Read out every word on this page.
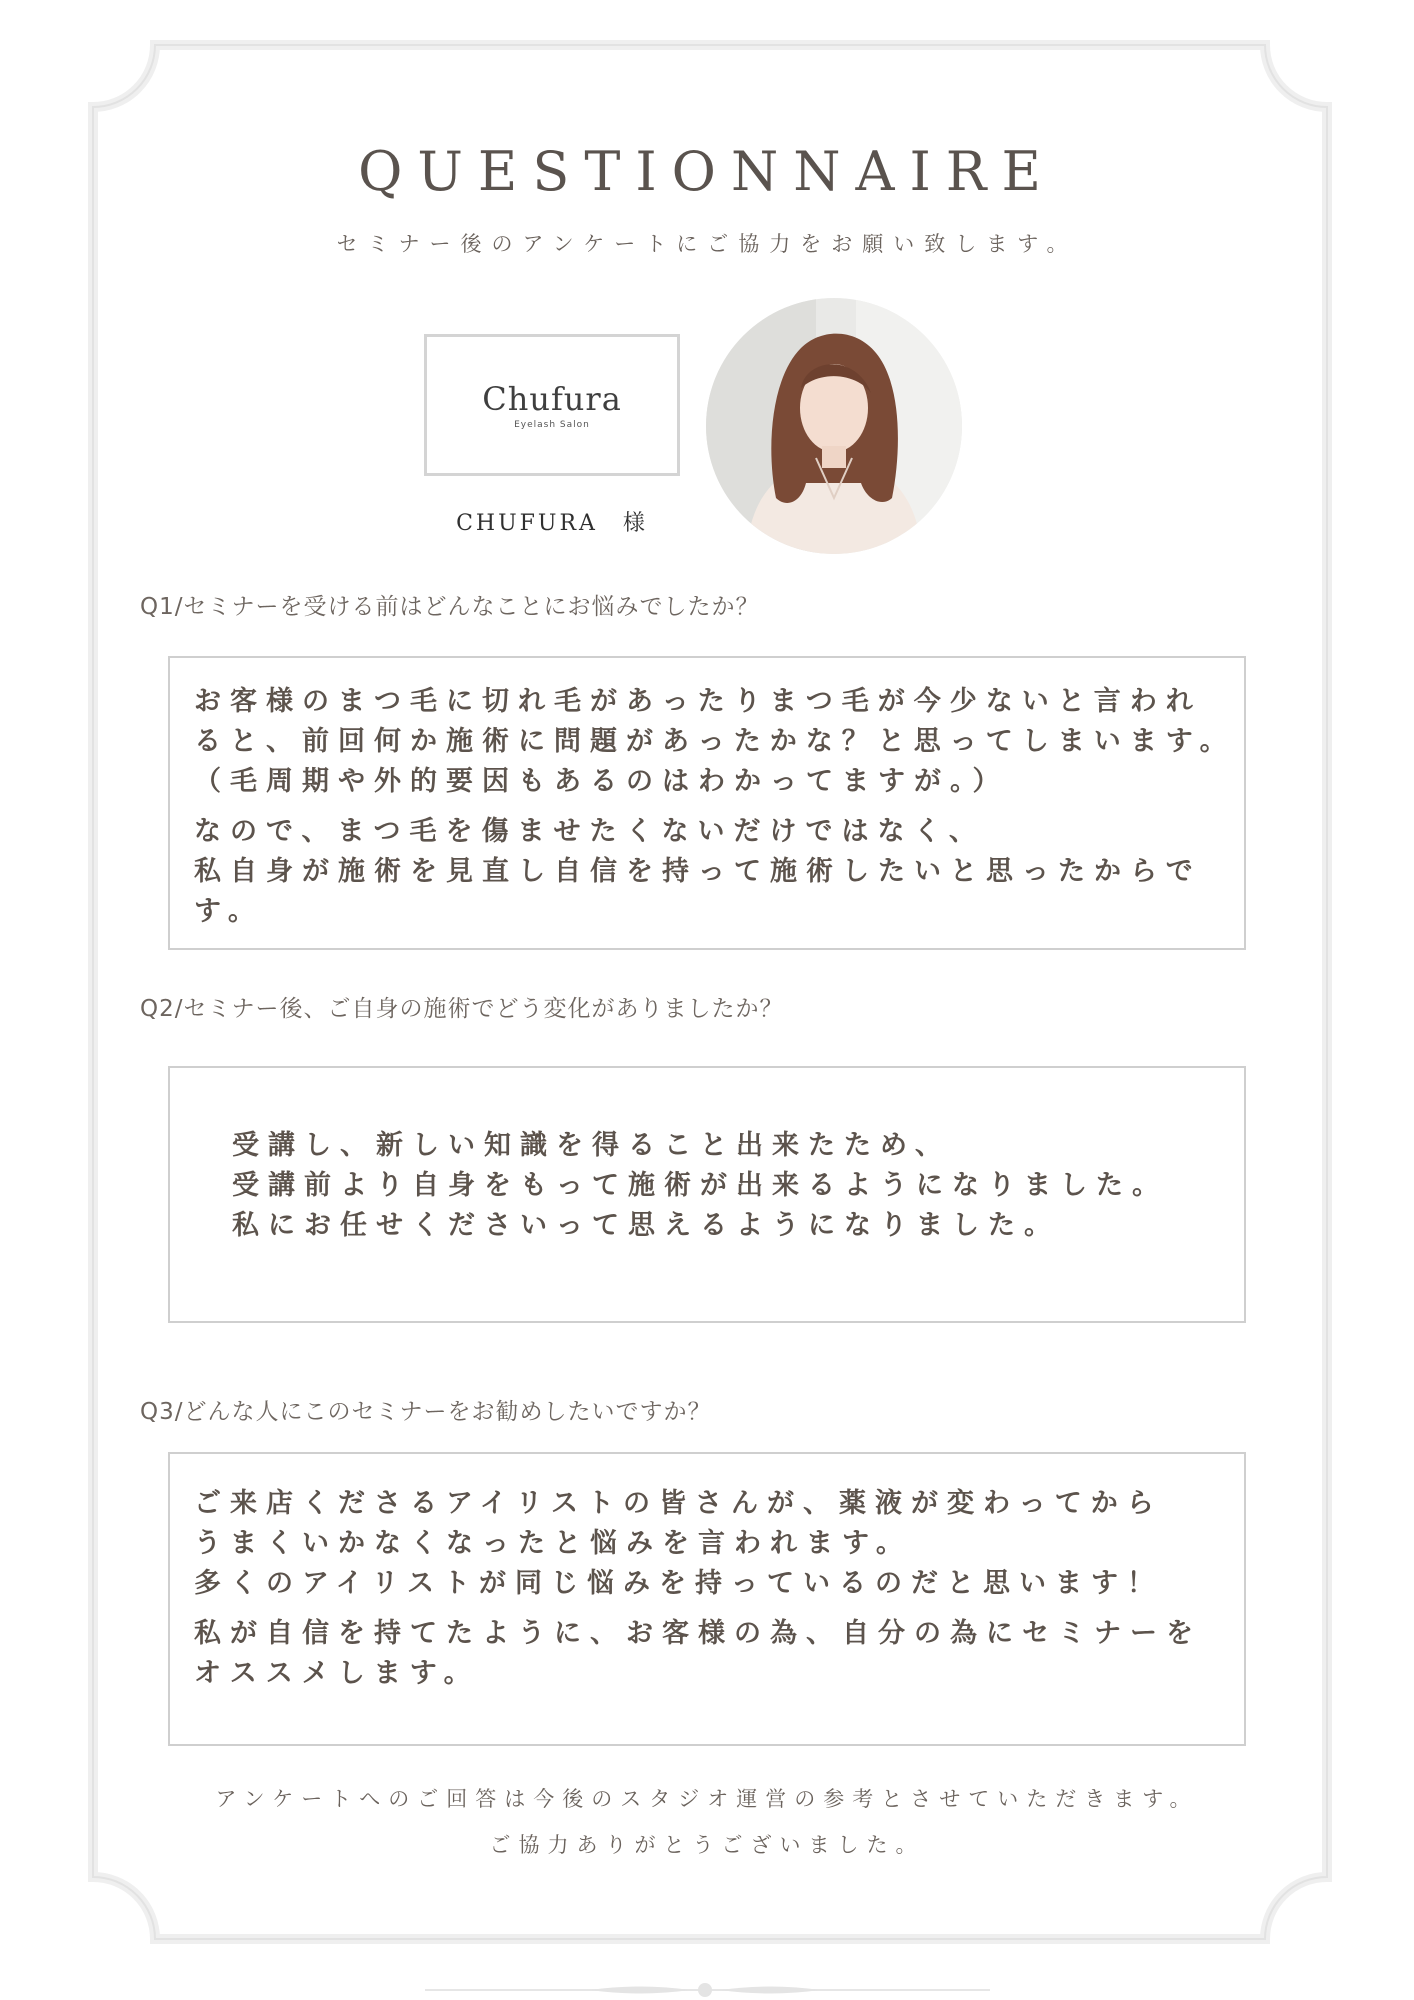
QUESTIONNAIRE
セミナー後のアンケートにご協力をお願い致します。
Chufura
Eyelash Salon
CHUFURA　様
Q1/セミナーを受ける前はどんなことにお悩みでしたか？
お客様のまつ毛に切れ毛があったりまつ毛が今少ないと言われ
ると、前回何か施術に問題があったかな？と思ってしまいます。
（毛周期や外的要因もあるのはわかってますが。）
なので、まつ毛を傷ませたくないだけではなく、
私自身が施術を見直し自信を持って施術したいと思ったからで
す。
Q2/セミナー後、ご自身の施術でどう変化がありましたか？
受講し、新しい知識を得ること出来たため、
受講前より自身をもって施術が出来るようになりました。
私にお任せくださいって思えるようになりました。
Q3/どんな人にこのセミナーをお勧めしたいですか？
ご来店くださるアイリストの皆さんが、薬液が変わってから
うまくいかなくなったと悩みを言われます。
多くのアイリストが同じ悩みを持っているのだと思います！
私が自信を持てたように、お客様の為、自分の為にセミナーを
オススメします。
アンケートへのご回答は今後のスタジオ運営の参考とさせていただきます。
ご協力ありがとうございました。
